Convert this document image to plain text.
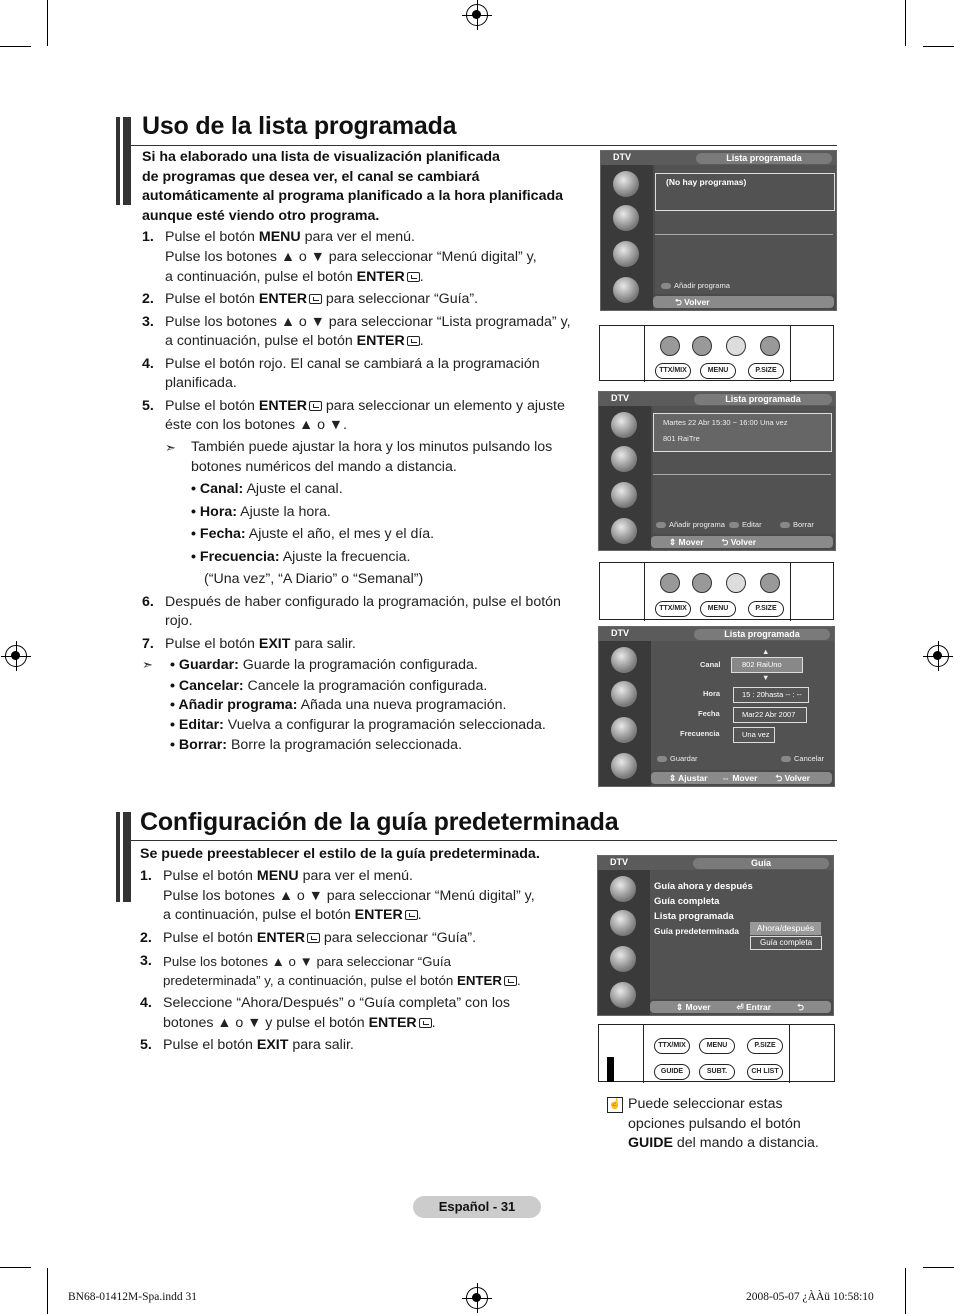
Uso de la lista programada
Si ha elaborado una lista de visualización planificada
de programas que desea ver, el canal se cambiará
automáticamente al programa planificado a la hora planificada
aunque esté viendo otro programa.
1. Pulse el botón MENU para ver el menú.
Pulse los botones ▲ o ▼ para seleccionar “Menú digital” y,
a continuación, pulse el botón ENTER .
2. Pulse el botón ENTER para seleccionar “Guía”.
3. Pulse los botones ▲ o ▼ para seleccionar “Lista programada” y,
a continuación, pulse el botón ENTER .
4. Pulse el botón rojo. El canal se cambiará a la programación
planificada.
5. Pulse el botón ENTER para seleccionar un elemento y ajuste
éste con los botones ▲ o ▼.
➣ También puede ajustar la hora y los minutos pulsando los
botones numéricos del mando a distancia.
• Canal: Ajuste el canal.
• Hora: Ajuste la hora.
• Fecha: Ajuste el año, el mes y el día.
• Frecuencia: Ajuste la frecuencia.
(“Una vez”, “A Diario” o “Semanal”)
6. Después de haber configurado la programación, pulse el botón
rojo.
7. Pulse el botón EXIT para salir.
➣ • Guardar: Guarde la programación configurada.
• Cancelar: Cancele la programación configurada.
• Añadir programa: Añada una nueva programación.
• Editar: Vuelva a configurar la programación seleccionada.
• Borrar: Borre la programación seleccionada.
DTV	Lista programada
(No hay programas)
Añadir programa
⮌ Volver
TTX/MIX	MENU	P.SIZE
DTV	Lista programada
Martes 22 Abr 15:30 ~ 16:00 Una vez
801 RaiTre
Añadir programa	Editar	Borrar
⇕ Mover ⮌ Volver
TTX/MIX	MENU	P.SIZE
DTV	Lista programada
▲
▼
Canal	802 RaiUno
Hora	15 : 20hasta -- : --
Fecha	Mar22 Abr 2007
Frecuencia	Una vez
Guardar	Cancelar
⇕ Ajustar ⇔ Mover ⮌ Volver
Configuración de la guía predeterminada
Se puede preestablecer el estilo de la guía predeterminada.
1. Pulse el botón MENU para ver el menú.
Pulse los botones ▲ o ▼ para seleccionar “Menú digital” y,
a continuación, pulse el botón ENTER .
2. Pulse el botón ENTER para seleccionar “Guía”.
3. Pulse los botones ▲ o ▼ para seleccionar “Guía
predeterminada” y, a continuación, pulse el botón ENTER .
4. Seleccione “Ahora/Después” o “Guía completa” con los
botones ▲ o ▼ y pulse el botón ENTER .
5. Pulse el botón EXIT para salir.
DTV	Guía
Guía ahora y después
Guía completa
Lista programada
Guía predeterminada	Ahora/después
Guía completa
⇕ Mover	⏎ Entrar	⮌ Volver
TTX/MIX	MENU	P.SIZE
GUIDE	SUBT.	CH LIST
☝ Puede seleccionar estas
opciones pulsando el botón
GUIDE del mando a distancia.
Español - 31
BN68-01412M-Spa.indd 31	2008-05-07 ¿ÀÀü 10:58:10
